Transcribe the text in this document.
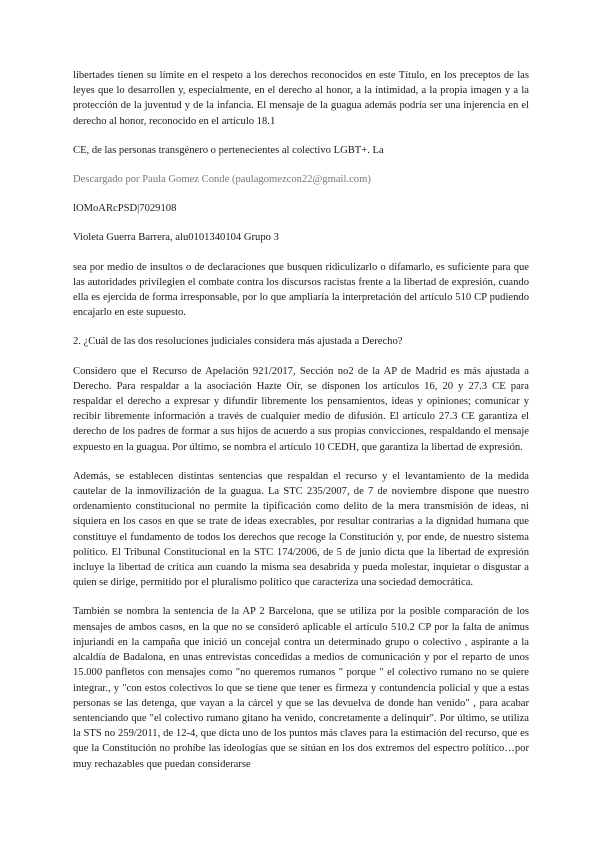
libertades tienen su límite en el respeto a los derechos reconocidos en este Título, en los preceptos de las leyes que lo desarrollen y, especialmente, en el derecho al honor, a la intimidad, a la propia imagen y a la protección de la juventud y de la infancia. El mensaje de la guagua además podría ser una injerencia en el derecho al honor, reconocido en el artículo 18.1

CE, de las personas transgénero o pertenecientes al colectivo LGBT+. La

Descargado por Paula Gomez Conde (paulagomezcon22@gmail.com)

lOMoARcPSD|7029108

Violeta Guerra Barrera, alu0101340104 Grupo 3

sea por medio de insultos o de declaraciones que busquen ridiculizarlo o difamarlo, es suficiente para que las autoridades privilegien el combate contra los discursos racistas frente a la libertad de expresión, cuando ella es ejercida de forma irresponsable, por lo que ampliaría la interpretación del artículo 510 CP pudiendo encajarlo en este supuesto.

2. ¿Cuál de las dos resoluciones judiciales considera más ajustada a Derecho?

Considero que el Recurso de Apelación 921/2017, Sección no2 de la AP de Madrid es más ajustada a Derecho. Para respaldar a la asociación Hazte Oír, se disponen los artículos 16, 20 y 27.3 CE para respaldar el derecho a expresar y difundir libremente los pensamientos, ideas y opiniones; comunicar y recibir libremente información a través de cualquier medio de difusión. El artículo 27.3 CE garantiza el derecho de los padres de formar a sus hijos de acuerdo a sus propias convicciones, respaldando el mensaje expuesto en la guagua. Por último, se nombra el artículo 10 CEDH, que garantiza la libertad de expresión.

Además, se establecen distintas sentencias que respaldan el recurso y el levantamiento de la medida cautelar de la inmovilización de la guagua. La STC 235/2007, de 7 de noviembre dispone que nuestro ordenamiento constitucional no permite la tipificación como delito de la mera transmisión de ideas, ni siquiera en los casos en que se trate de ideas execrables, por resultar contrarias a la dignidad humana que constituye el fundamento de todos los derechos que recoge la Constitución y, por ende, de nuestro sistema político. El Tribunal Constitucional en la STC 174/2006, de 5 de junio dicta que la libertad de expresión incluye la libertad de crítica aun cuando la misma sea desabrida y pueda molestar, inquietar o disgustar a quien se dirige, permitido por el pluralismo político que caracteriza una sociedad democrática.

También se nombra la sentencia de la AP 2 Barcelona, que se utiliza por la posible comparación de los mensajes de ambos casos, en la que no se consideró aplicable el artículo 510.2 CP por la falta de animus injuriandi en la campaña que inició un concejal contra un determinado grupo o colectivo , aspirante a la alcaldía de Badalona, en unas entrevistas concedidas a medios de comunicación y por el reparto de unos 15.000 panfletos con mensajes como "no queremos rumanos " porque " el colectivo rumano no se quiere integrar., y "con estos colectivos lo que se tiene que tener es firmeza y contundencia policial y que a estas personas se las detenga, que vayan a la cárcel y que se las devuelva de donde han venido" , para acabar sentenciando que "el colectivo rumano gitano ha venido, concretamente a delinquir". Por último, se utiliza la STS no 259/2011, de 12-4, que dicta uno de los puntos más claves para la estimación del recurso, que es que la Constitución no prohíbe las ideologías que se sitúan en los dos extremos del espectro político…por muy rechazables que puedan considerarse
